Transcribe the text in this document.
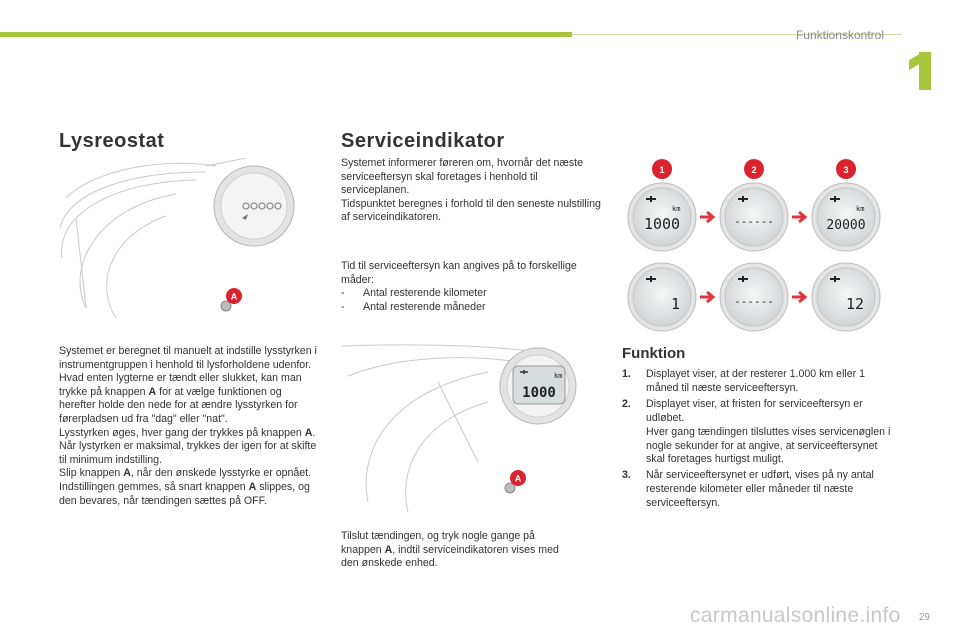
Funktionskontrol
Lysreostat
A

Systemet er beregnet til manuelt at indstille lysstyrken i instrumentgruppen i henhold til lysforholdene udenfor.

Hvad enten lygterne er tændt eller slukket, kan man trykke på knappen A for at vælge funktionen og herefter holde den nede for at ændre lysstyrken for førerpladsen ud fra "dag" eller "nat".

Lysstyrken øges, hver gang der trykkes på knappen A.

Når lystyrken er maksimal, trykkes der igen for at skifte til minimum indstilling.

Slip knappen A, når den ønskede lysstyrke er opnået.

Indstillingen gemmes, så snart knappen A slippes, og den bevares, når tændingen sættes på OFF.

Serviceindikator

Systemet informerer føreren om, hvornår det næste serviceeftersyn skal foretages i henhold til serviceplanen.

Tidspunktet beregnes i forhold til den seneste nulstilling af serviceindikatoren.

Tid til serviceeftersyn kan angives på to forskellige måder:

-	Antal resterende kilometer
-	Antal resterende måneder
km
1000
A

Tilslut tændingen, og tryk nogle gange på knappen A, indtil serviceindikatoren vises med den ønskede enhed.

1	2	3
km
1000	------
km
20000
1	------	12
Funktion
1.	Displayet viser, at der resterer 1.000 km eller 1 måned til næste serviceeftersyn.

2.	Displayet viser, at fristen for serviceeftersyn er udløbet.

Hver gang tændingen tilsluttes vises servicenøglen i nogle sekunder for at angive, at serviceeftersynet skal foretages hurtigst muligt.

3.	Når serviceeftersynet er udført, vises på ny antal resterende kilometer eller måneder til næste serviceeftersyn.

carmanualsonline.info 29
